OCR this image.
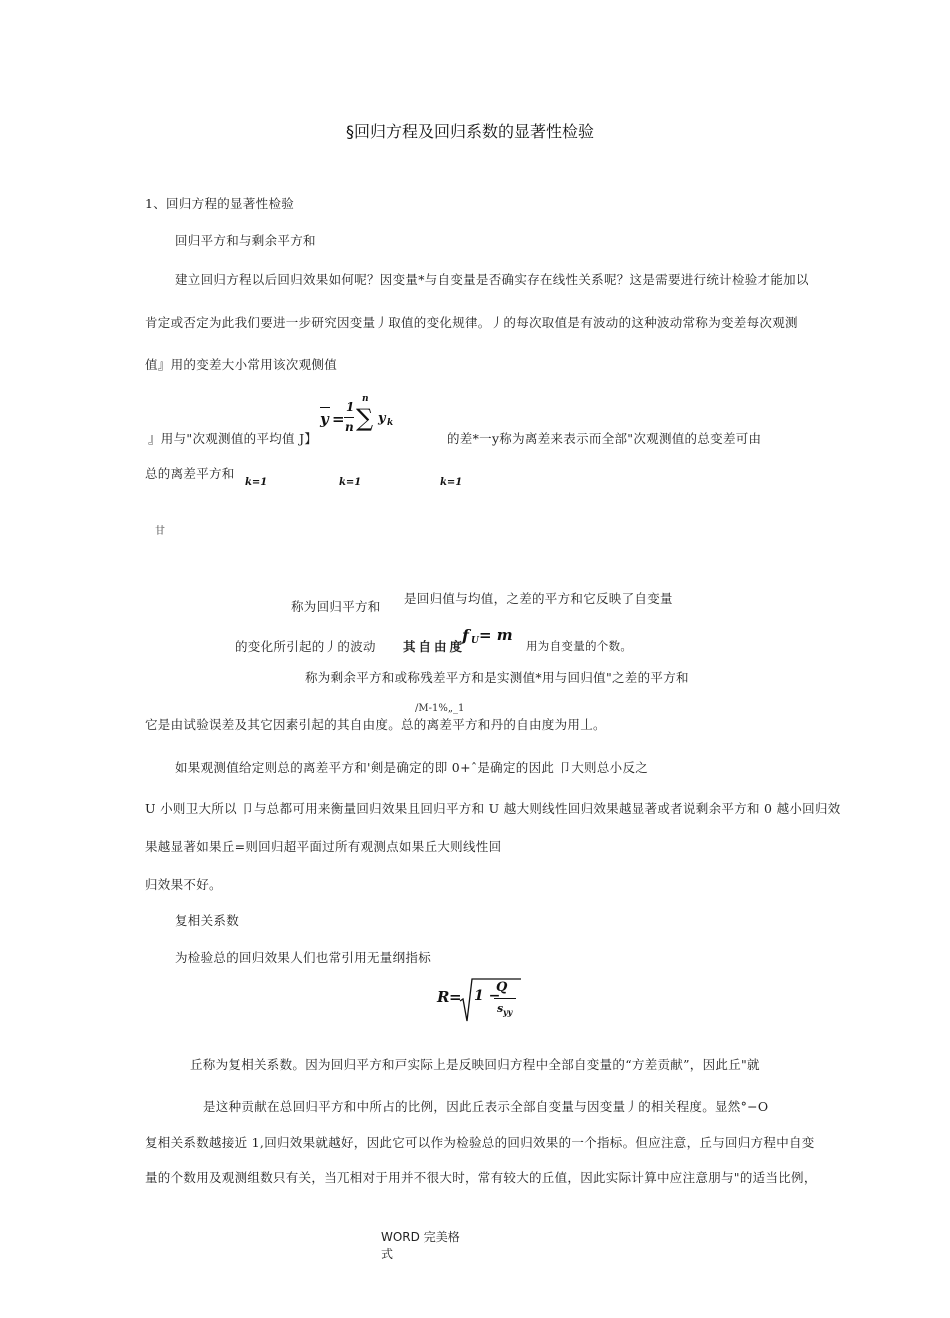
§回归方程及回归系数的显著性检验
1、回归方程的显著性检验
回归平方和与剩余平方和
建立回归方程以后回归效果如何呢？因变量*与自变量是否确实存在线性关系呢？这是需要进行统计检验才能加以
肯定或否定为此我们要进一步研究因变量丿取值的变化规律。丿的每次取值是有波动的这种波动常称为变差每次观测
值』用的变差大小常用该次观侧值
y =
1
n ∑
n
y k
』用与"次观测值的平均值 J】	的差*一y称为离差来表示而全部"次观测值的总变差可由
总的离差平方和
k=1	k=1	k=1
甘
称为回归平方和
是回归值与均值，之差的平方和它反映了自变量
的变化所引起的丿的波动 其自由度
f U = m
用为自变量的个数。
称为剩余平方和或称残差平方和是实测值*用与回归值"之差的平方和
/M-1%„_1
它是由试验误差及其它因素引起的其自由度。总的离差平方和丹的自由度为用丄。
如果观测值给定则总的离差平方和'剣是确定的即 0+ˆ是确定的因此 卩大则总小反之
U 小则卫大所以 卩与总都可用来衡量回归效果且回归平方和 U 越大则线性回归效果越显著或者说剩余平方和 0 越小回归效
果越显著如果丘=则回归超平面过所有观测点如果丘大则线性回
归效果不好。
复相关系数
为检验总的回归效果人们也常引用无量纲指标
R = 1 −
Q
s yy
丘称为复相关系数。因为回归平方和戸实际上是反映回归方程中全部自变量的“方差贡献”，因此丘"就
是这种贡献在总回归平方和中所占的比例，因此丘表示全部自变量与因变量丿的相关程度。显然°−O
复相关系数越接近 1,回归效果就越好，因此它可以作为检验总的回归效果的一个指标。但应注意，丘与回归方程中自变
量的个数用及观测组数只有关，当兀相对于用并不很大时，常有较大的丘值，因此实际计算中应注意朋与"的适当比例，
WORD 完美格
式
